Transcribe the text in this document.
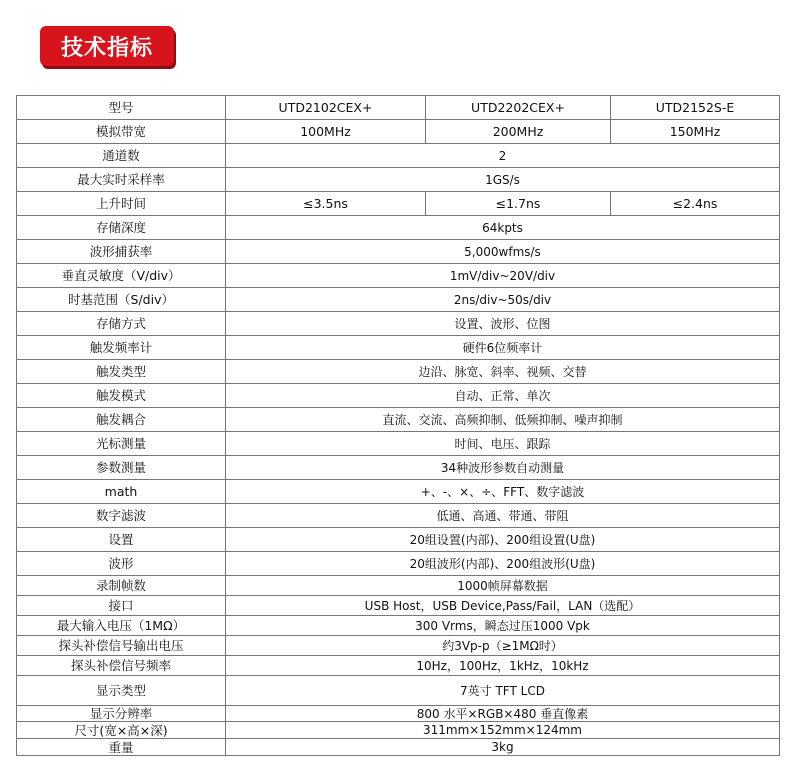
技术指标
型号	UTD2102CEX+	UTD2202CEX+	UTD2152S-E
模拟带宽	100MHz	200MHz	150MHz
通道数	2		
最大实时采样率	1GS/s		
上升时间	≤3.5ns	≤1.7ns	≤2.4ns
存储深度	64kpts		
波形捕获率	5,000wfms/s		
垂直灵敏度（V/div）	1mV/div~20V/div		
时基范围（S/div）	2ns/div~50s/div		
存储方式	设置、波形、位图		
触发频率计	硬件6位频率计		
触发类型	边沿、脉宽、斜率、视频、交替		
触发模式	自动、正常、单次		
触发耦合	直流、交流、高频抑制、低频抑制、噪声抑制		
光标测量	时间、电压、跟踪		
参数测量	34种波形参数自动测量		
math	+、-、×、÷、FFT、数字滤波		
数字滤波	低通、高通、带通、带阻		
设置	20组设置(内部)、200组设置(U盘)		
波形	20组波形(内部)、200组波形(U盘)		
录制帧数	1000帧屏幕数据		
接口	USB Host，USB Device,Pass/Fail，LAN（选配）		
最大输入电压（1MΩ）	300 Vrms，瞬态过压1000 Vpk		
探头补偿信号输出电压	约3Vp-p（≥1MΩ时）		
探头补偿信号频率	10Hz，100Hz，1kHz，10kHz		
显示类型	7英寸 TFT LCD		
显示分辨率	800 水平×RGB×480 垂直像素		
尺寸(宽×高×深)	311mm×152mm×124mm		
重量	3kg		
